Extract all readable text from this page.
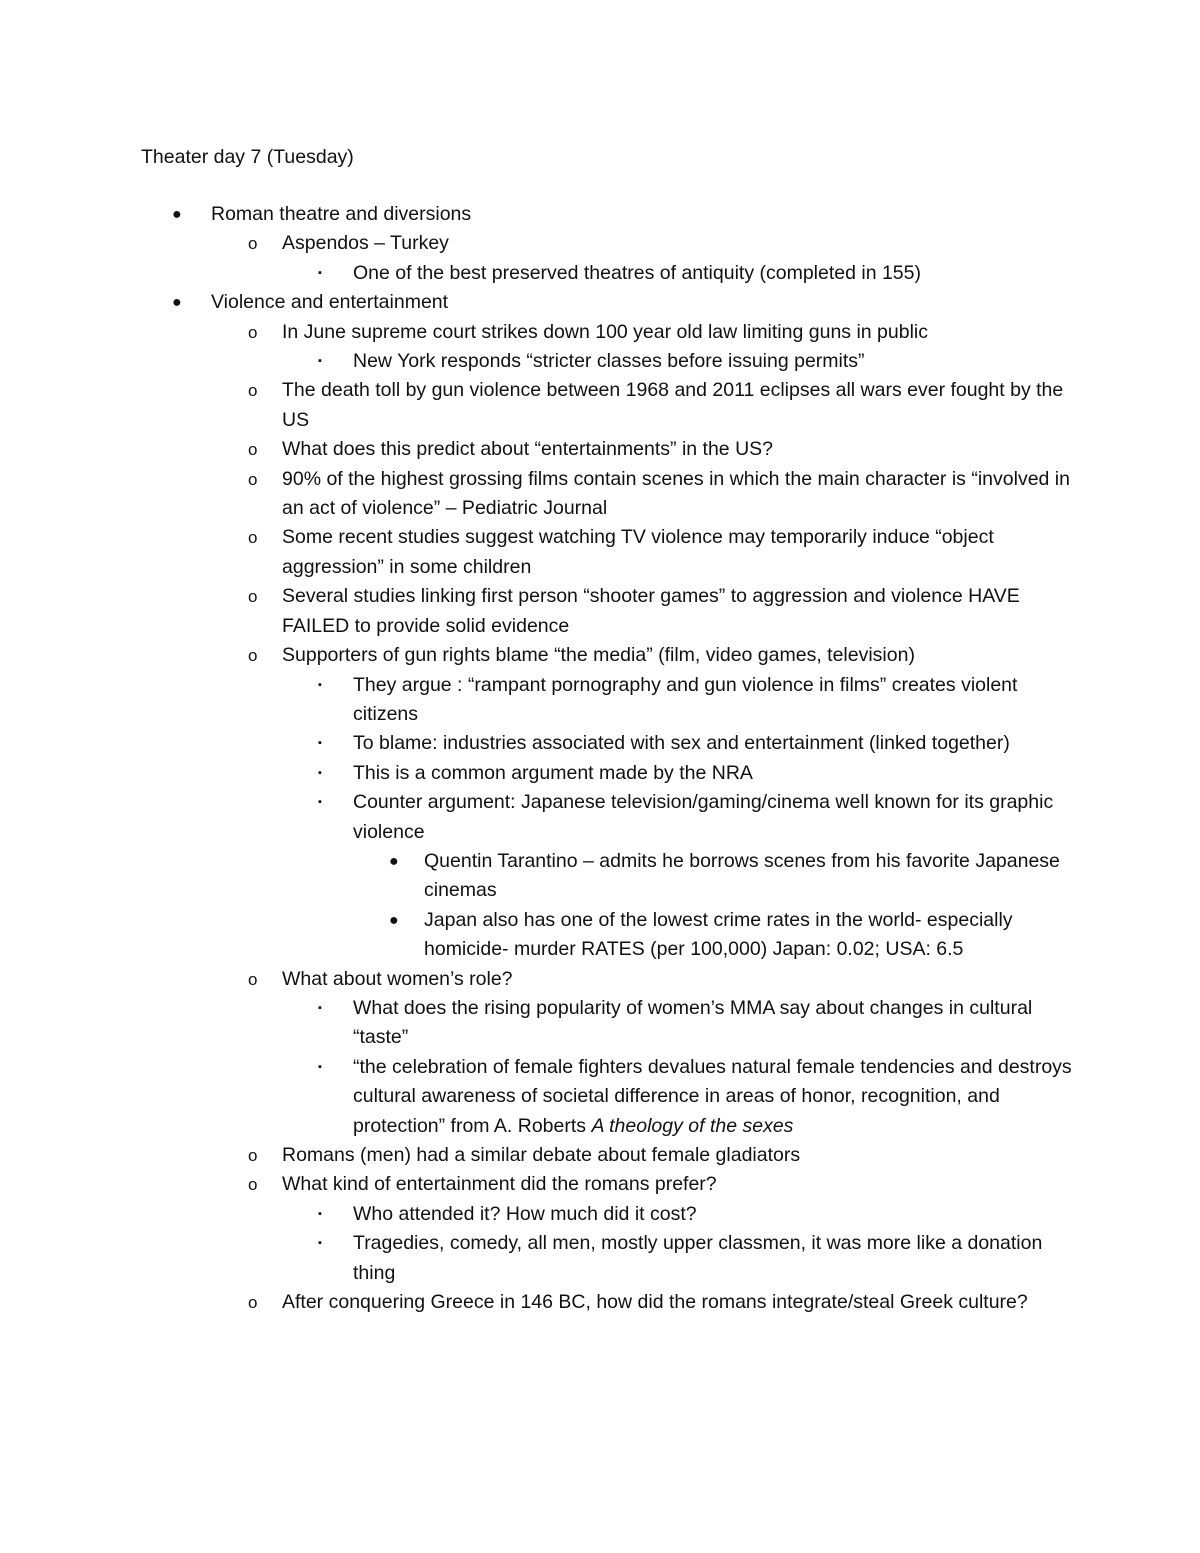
Theater day 7 (Tuesday)
● Roman theatre and diversions
o Aspendos – Turkey
▪ One of the best preserved theatres of antiquity (completed in 155)
● Violence and entertainment
o In June supreme court strikes down 100 year old law limiting guns in public
▪ New York responds “stricter classes before issuing permits”
o The death toll by gun violence between 1968 and 2011 eclipses all wars ever fought by the US
o What does this predict about “entertainments” in the US?
o 90% of the highest grossing films contain scenes in which the main character is “involved in an act of violence” – Pediatric Journal
o Some recent studies suggest watching TV violence may temporarily induce “object aggression” in some children
o Several studies linking first person “shooter games” to aggression and violence HAVE FAILED to provide solid evidence
o Supporters of gun rights blame “the media” (film, video games, television)
▪ They argue : “rampant pornography and gun violence in films” creates violent citizens
▪ To blame: industries associated with sex and entertainment (linked together)
▪ This is a common argument made by the NRA
▪ Counter argument: Japanese television/gaming/cinema well known for its graphic violence
● Quentin Tarantino – admits he borrows scenes from his favorite Japanese cinemas
● Japan also has one of the lowest crime rates in the world- especially homicide- murder RATES (per 100,000) Japan: 0.02; USA: 6.5
o What about women’s role?
▪ What does the rising popularity of women’s MMA say about changes in cultural “taste”
▪ “the celebration of female fighters devalues natural female tendencies and destroys cultural awareness of societal difference in areas of honor, recognition, and protection” from A. Roberts A theology of the sexes
o Romans (men) had a similar debate about female gladiators
o What kind of entertainment did the romans prefer?
▪ Who attended it? How much did it cost?
▪ Tragedies, comedy, all men, mostly upper classmen, it was more like a donation thing
o After conquering Greece in 146 BC, how did the romans integrate/steal Greek culture?
